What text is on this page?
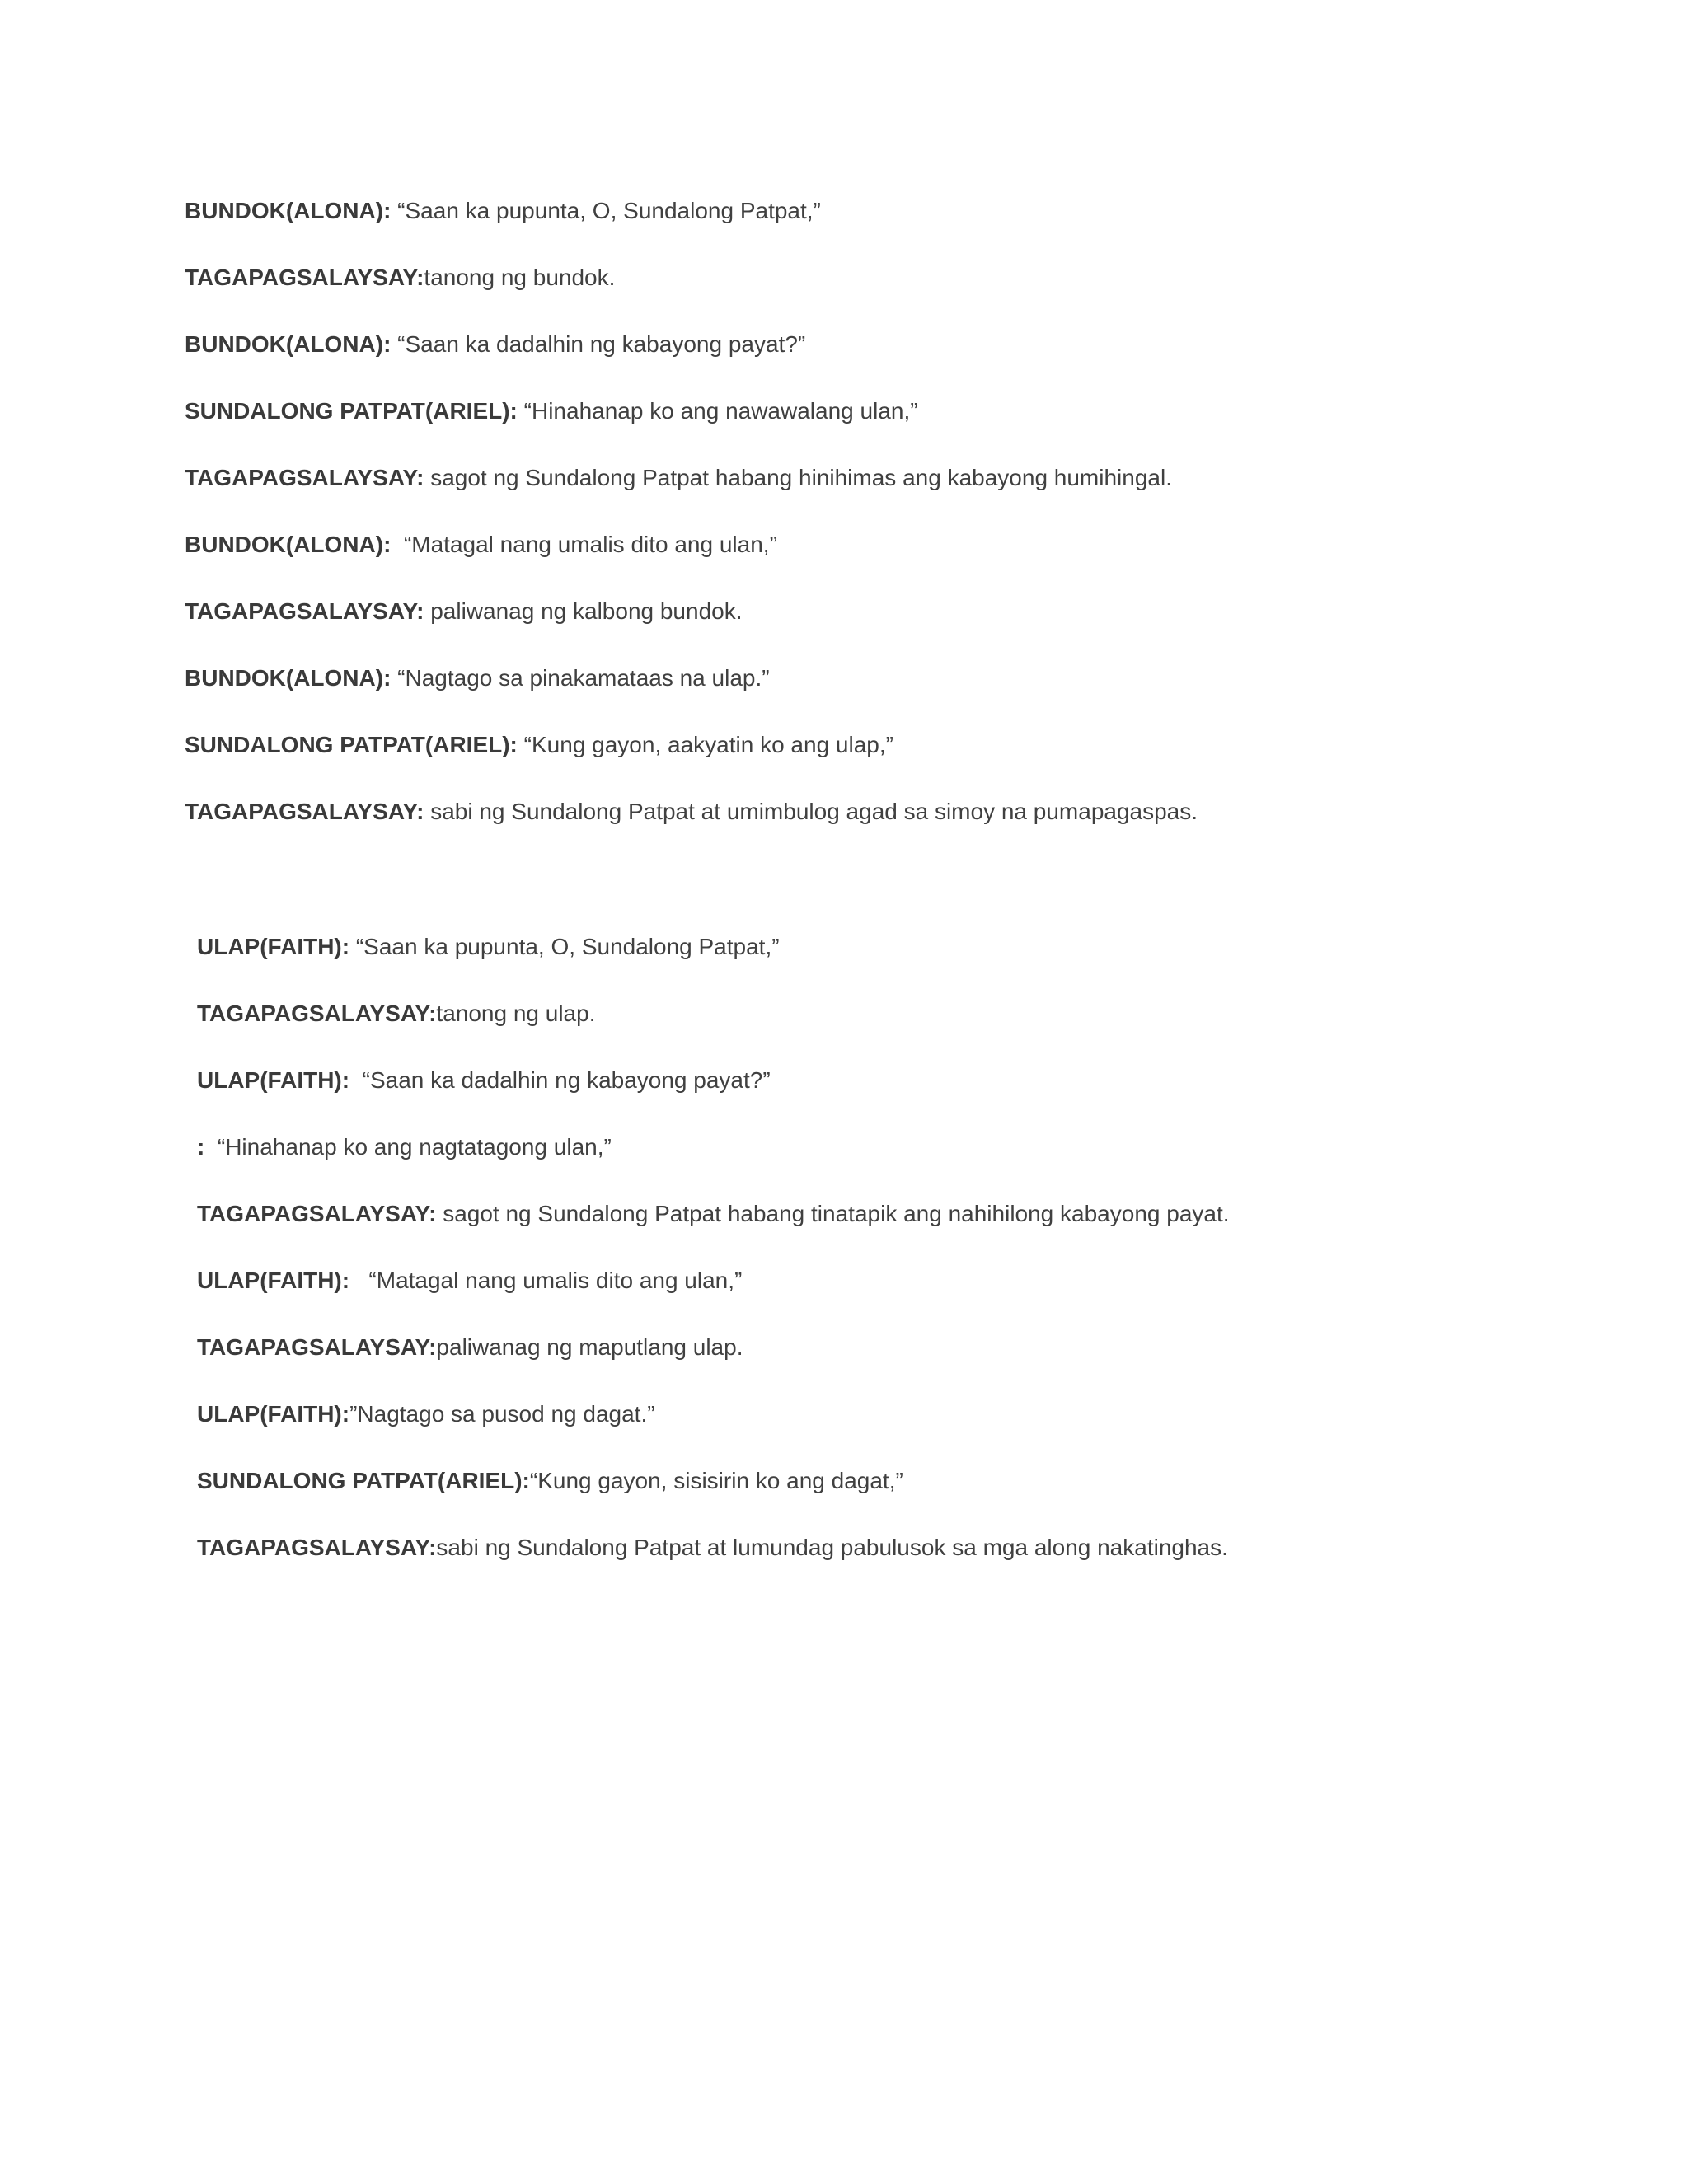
BUNDOK(ALONA): “Saan ka pupunta, O, Sundalong Patpat,”
TAGAPAGSALAYSAY:tanong ng bundok.
BUNDOK(ALONA): “Saan ka dadalhin ng kabayong payat?”
SUNDALONG PATPAT(ARIEL): “Hinahanap ko ang nawawalang ulan,”
TAGAPAGSALAYSAY: sagot ng Sundalong Patpat habang hinihimas ang kabayong humihingal.
BUNDOK(ALONA):  “Matagal nang umalis dito ang ulan,”
TAGAPAGSALAYSAY: paliwanag ng kalbong bundok.
BUNDOK(ALONA): “Nagtago sa pinakamataas na ulap.”
SUNDALONG PATPAT(ARIEL): “Kung gayon, aakyatin ko ang ulap,”
TAGAPAGSALAYSAY: sabi ng Sundalong Patpat at umimbulog agad sa simoy na pumapagaspas.
ULAP(FAITH): “Saan ka pupunta, O, Sundalong Patpat,”
TAGAPAGSALAYSAY:tanong ng ulap.
ULAP(FAITH):  “Saan ka dadalhin ng kabayong payat?”
:  “Hinahanap ko ang nagtatagong ulan,”
TAGAPAGSALAYSAY: sagot ng Sundalong Patpat habang tinatapik ang nahihilong kabayong payat.
ULAP(FAITH):   “Matagal nang umalis dito ang ulan,”
TAGAPAGSALAYSAY:paliwanag ng maputlang ulap.
ULAP(FAITH):”Nagtago sa pusod ng dagat.”
SUNDALONG PATPAT(ARIEL):“Kung gayon, sisisirin ko ang dagat,”
TAGAPAGSALAYSAY:sabi ng Sundalong Patpat at lumundag pabulusok sa mga along nakatinghas.
